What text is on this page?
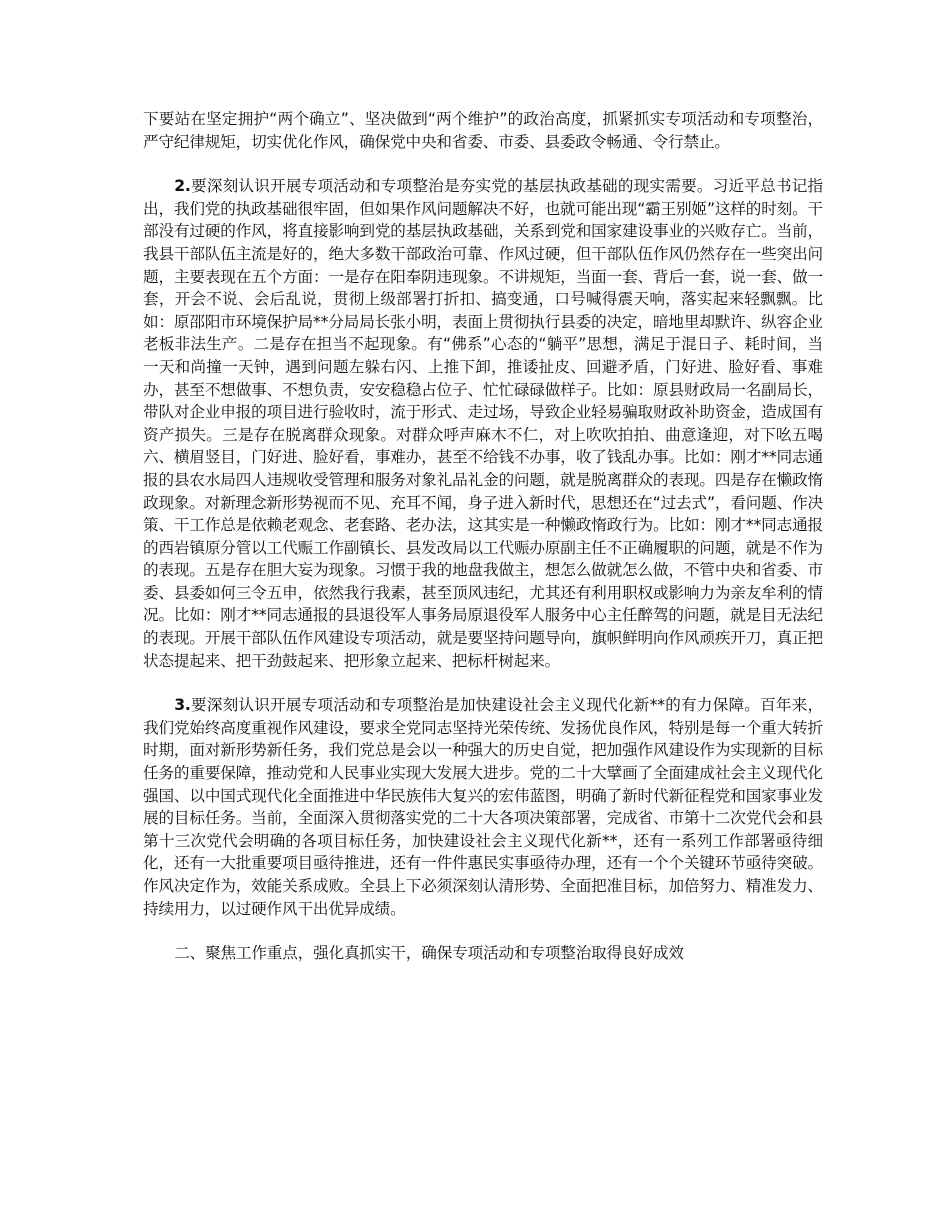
下要站在坚定拥护“两个确立”、坚决做到“两个维护”的政治高度，抓紧抓实专项活动和专项整治，严守纪律规矩，切实优化作风，确保党中央和省委、市委、县委政令畅通、令行禁止。

2.要深刻认识开展专项活动和专项整治是夯实党的基层执政基础的现实需要。习近平总书记指出，我们党的执政基础很牢固，但如果作风问题解决不好，也就可能出现“霸王别姬”这样的时刻。干部没有过硬的作风，将直接影响到党的基层执政基础，关系到党和国家建设事业的兴败存亡。当前，我县干部队伍主流是好的，绝大多数干部政治可靠、作风过硬，但干部队伍作风仍然存在一些突出问题，主要表现在五个方面：一是存在阳奉阴违现象。不讲规矩，当面一套、背后一套，说一套、做一套，开会不说、会后乱说，贯彻上级部署打折扣、搞变通，口号喊得震天响，落实起来轻飘飘。比如：原邵阳市环境保护局**分局局长张小明，表面上贯彻执行县委的决定，暗地里却默许、纵容企业老板非法生产。二是存在担当不起现象。有“佛系”心态的“躺平”思想，满足于混日子、耗时间，当一天和尚撞一天钟，遇到问题左躲右闪、上推下卸，推诿扯皮、回避矛盾，门好进、脸好看、事难办，甚至不想做事、不想负责，安安稳稳占位子、忙忙碌碌做样子。比如：原县财政局一名副局长，带队对企业申报的项目进行验收时，流于形式、走过场，导致企业轻易骗取财政补助资金，造成国有资产损失。三是存在脱离群众现象。对群众呼声麻木不仁，对上吹吹拍拍、曲意逢迎，对下吆五喝六、横眉竖目，门好进、脸好看，事难办，甚至不给钱不办事，收了钱乱办事。比如：刚才**同志通报的县农水局四人违规收受管理和服务对象礼品礼金的问题，就是脱离群众的表现。四是存在懒政惰政现象。对新理念新形势视而不见、充耳不闻，身子进入新时代，思想还在“过去式”，看问题、作决策、干工作总是依赖老观念、老套路、老办法，这其实是一种懒政惰政行为。比如：刚才**同志通报的西岩镇原分管以工代赈工作副镇长、县发改局以工代赈办原副主任不正确履职的问题，就是不作为的表现。五是存在胆大妄为现象。习惯于我的地盘我做主，想怎么做就怎么做，不管中央和省委、市委、县委如何三令五申，依然我行我素，甚至顶风违纪，尤其还有利用职权或影响力为亲友牟利的情况。比如：刚才**同志通报的县退役军人事务局原退役军人服务中心主任醉驾的问题，就是目无法纪的表现。开展干部队伍作风建设专项活动，就是要坚持问题导向，旗帜鲜明向作风顽疾开刀，真正把状态提起来、把干劲鼓起来、把形象立起来、把标杆树起来。

3.要深刻认识开展专项活动和专项整治是加快建设社会主义现代化新**的有力保障。百年来，我们党始终高度重视作风建设，要求全党同志坚持光荣传统、发扬优良作风，特别是每一个重大转折时期，面对新形势新任务，我们党总是会以一种强大的历史自觉，把加强作风建设作为实现新的目标任务的重要保障，推动党和人民事业实现大发展大进步。党的二十大擘画了全面建成社会主义现代化强国、以中国式现代化全面推进中华民族伟大复兴的宏伟蓝图，明确了新时代新征程党和国家事业发展的目标任务。当前，全面深入贯彻落实党的二十大各项决策部署，完成省、市第十二次党代会和县第十三次党代会明确的各项目标任务，加快建设社会主义现代化新**，还有一系列工作部署亟待细化，还有一大批重要项目亟待推进，还有一件件惠民实事亟待办理，还有一个个关键环节亟待突破。作风决定作为，效能关系成败。全县上下必须深刻认清形势、全面把准目标，加倍努力、精准发力、持续用力，以过硬作风干出优异成绩。

二、聚焦工作重点，强化真抓实干，确保专项活动和专项整治取得良好成效
